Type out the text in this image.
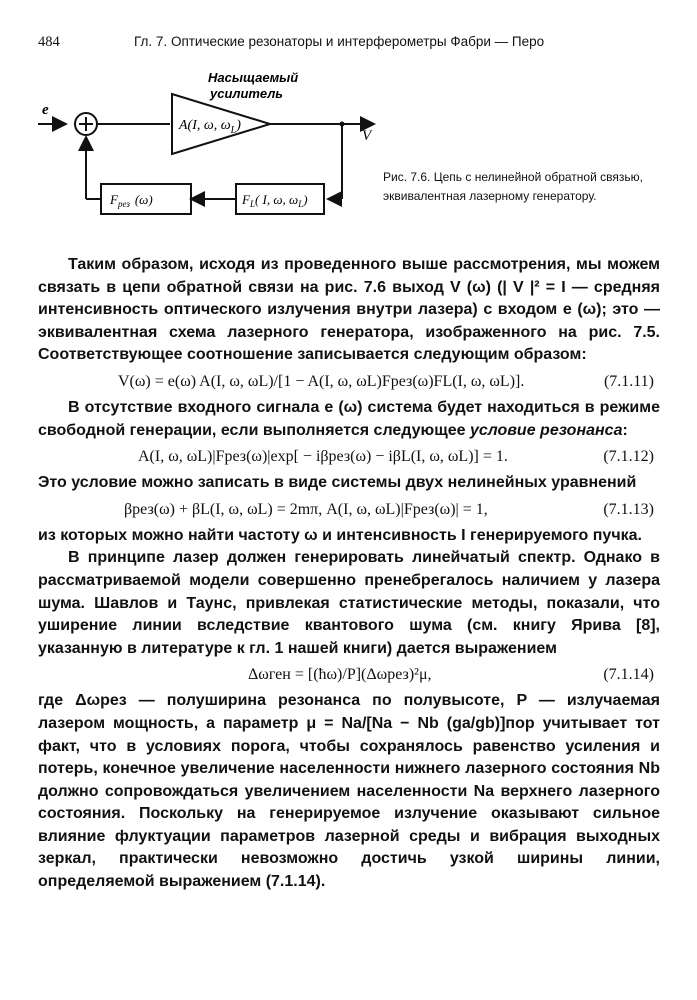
484	Гл. 7. Оптические резонаторы и интерферометры Фабри — Перо
Насыщаемый
усилитель
e
A(I, ω, $\omega_L$)
V
$F_L$( I, ω, $\omega_L$)
$F_{рез}$ (ω)
Рис. 7.6. Цепь с нелинейной обратной связью, эквивалентная лазерному генератору.

Таким образом, исходя из проведенного выше рассмотрения, мы можем связать в цепи обратной связи на рис. 7.6 выход V (ω) (| V |² = I — средняя интенсивность оптического излучения внутри лазера) с входом e (ω); это — эквивалентная схема лазерного генератора, изображенного на рис. 7.5. Соответствующее соотношение записывается следующим образом:

V(ω) = e(ω) A(I, ω, ωL)/[1 − A(I, ω, ωL)Fрез(ω)FL(I, ω, ωL)].	(7.1.11)

В отсутствие входного сигнала e (ω) система будет находиться в режиме свободной генерации, если выполняется следующее условие резонанса:

A(I, ω, ωL)|Fрез(ω)|exp[ − iβрез(ω) − iβL(I, ω, ωL)] = 1.	(7.1.12)

Это условие можно записать в виде системы двух нелинейных уравнений

βрез(ω) + βL(I, ω, ωL) = 2mπ, A(I, ω, ωL)|Fрез(ω)| = 1,	(7.1.13)

из которых можно найти частоту ω и интенсивность I генерируемого пучка.

В принципе лазер должен генерировать линейчатый спектр. Однако в рассматриваемой модели совершенно пренебрегалось наличием у лазера шума. Шавлов и Таунс, привлекая статистические методы, показали, что уширение линии вследствие квантового шума (см. книгу Ярива [8], указанную в литературе к гл. 1 нашей книги) дается выражением

Δωген = [(ħω)/P](Δωрез)²μ,	(7.1.14)

где Δωрез — полуширина резонанса по полувысоте, P — излучаемая лазером мощность, а параметр μ = Na/[Na − Nb (ga/gb)]пор учитывает тот факт, что в условиях порога, чтобы сохранялось равенство усиления и потерь, конечное увеличение населенности нижнего лазерного состояния Nb должно сопровождаться увеличением населенности Na верхнего лазерного состояния. Поскольку на генерируемое излучение оказывают сильное влияние флуктуации параметров лазерной среды и вибрация выходных зеркал, практически невозможно достичь узкой ширины линии, определяемой выражением (7.1.14).
